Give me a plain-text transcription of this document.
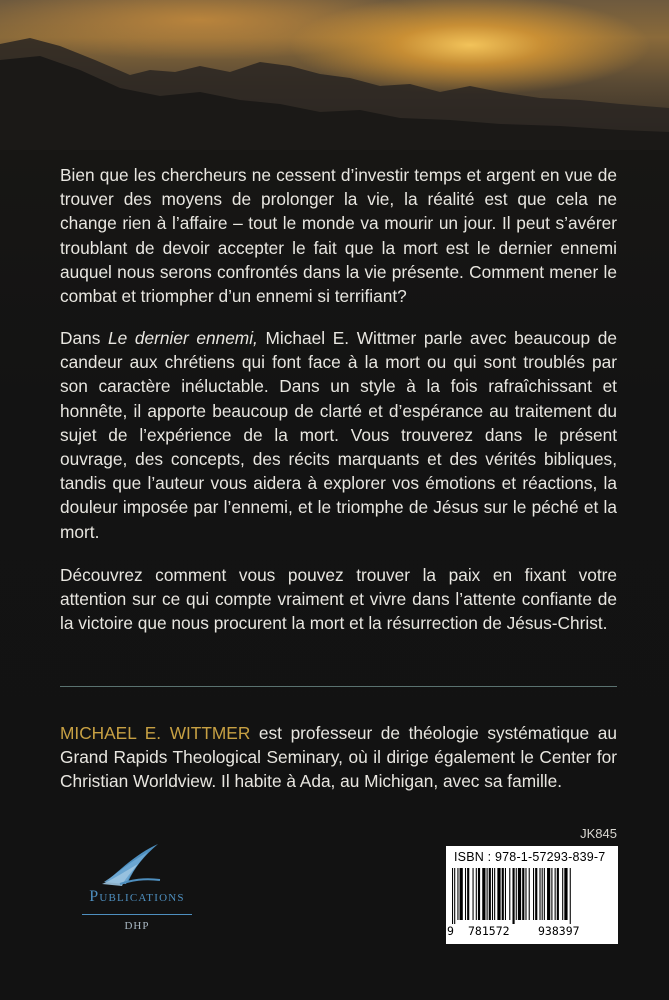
Bien que les chercheurs ne cessent d’investir temps et argent en vue de trouver des moyens de prolonger la vie, la réalité est que cela ne change rien à l’affaire – tout le monde va mourir un jour. Il peut s’avérer troublant de devoir accepter le fait que la mort est le dernier ennemi auquel nous serons confrontés dans la vie présente. Comment mener le combat et triompher d’un ennemi si terrifiant?

Dans Le dernier ennemi, Michael E. Wittmer parle avec beaucoup de candeur aux chrétiens qui font face à la mort ou qui sont troublés par son caractère inéluctable. Dans un style à la fois rafraîchissant et honnête, il apporte beaucoup de clarté et d’espérance au traitement du sujet de l’expérience de la mort. Vous trouverez dans le présent ouvrage, des concepts, des récits marquants et des vérités bibliques, tandis que l’auteur vous aidera à explorer vos émotions et réactions, la douleur imposée par l’ennemi, et le triomphe de Jésus sur le péché et la mort.

Découvrez comment vous pouvez trouver la paix en fixant votre attention sur ce qui compte vraiment et vivre dans l’attente confiante de la victoire que nous procurent la mort et la résurrection de Jésus-Christ.

MICHAEL E. WITTMER est professeur de théologie systématique au Grand Rapids Theological Seminary, où il dirige également le Center for Christian Worldview. Il habite à Ada, au Michigan, avec sa famille.

Publications
DHP
JK845
ISBN : 978-1-57293-839-7
9 781572 938397
